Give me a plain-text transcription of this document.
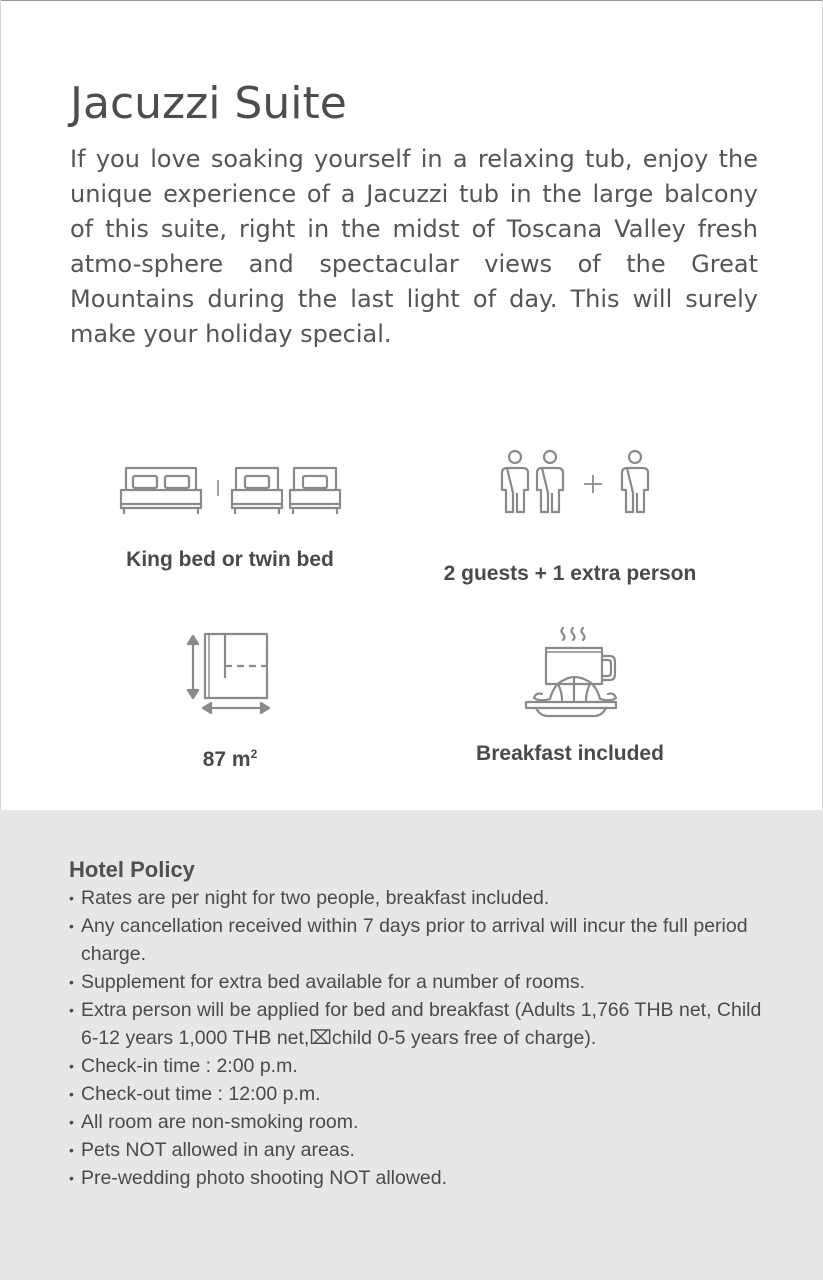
Jacuzzi Suite

If you love soaking yourself in a relaxing tub, enjoy the unique experience of a Jacuzzi tub in the large balcony of this suite, right in the midst of Toscana Valley fresh atmo-sphere and spectacular views of the Great Mountains during the last light of day. This will surely make your holiday special.

King bed or twin bed
2 guests + 1 extra person
87 $m^2$	Breakfast included
Hotel Policy
• Rates are per night for two people, breakfast included.
• Any cancellation received within 7 days prior to arrival will incur the full period charge.
• Supplement for extra bed available for a number of rooms.
• Extra person will be applied for bed and breakfast (Adults 1,766 THB net, Child 6-12 years 1,000 THB net,⌧child 0-5 years free of charge).
• Check-in time : 2:00 p.m.
• Check-out time : 12:00 p.m.
• All room are non-smoking room.
• Pets NOT allowed in any areas.
• Pre-wedding photo shooting NOT allowed.
